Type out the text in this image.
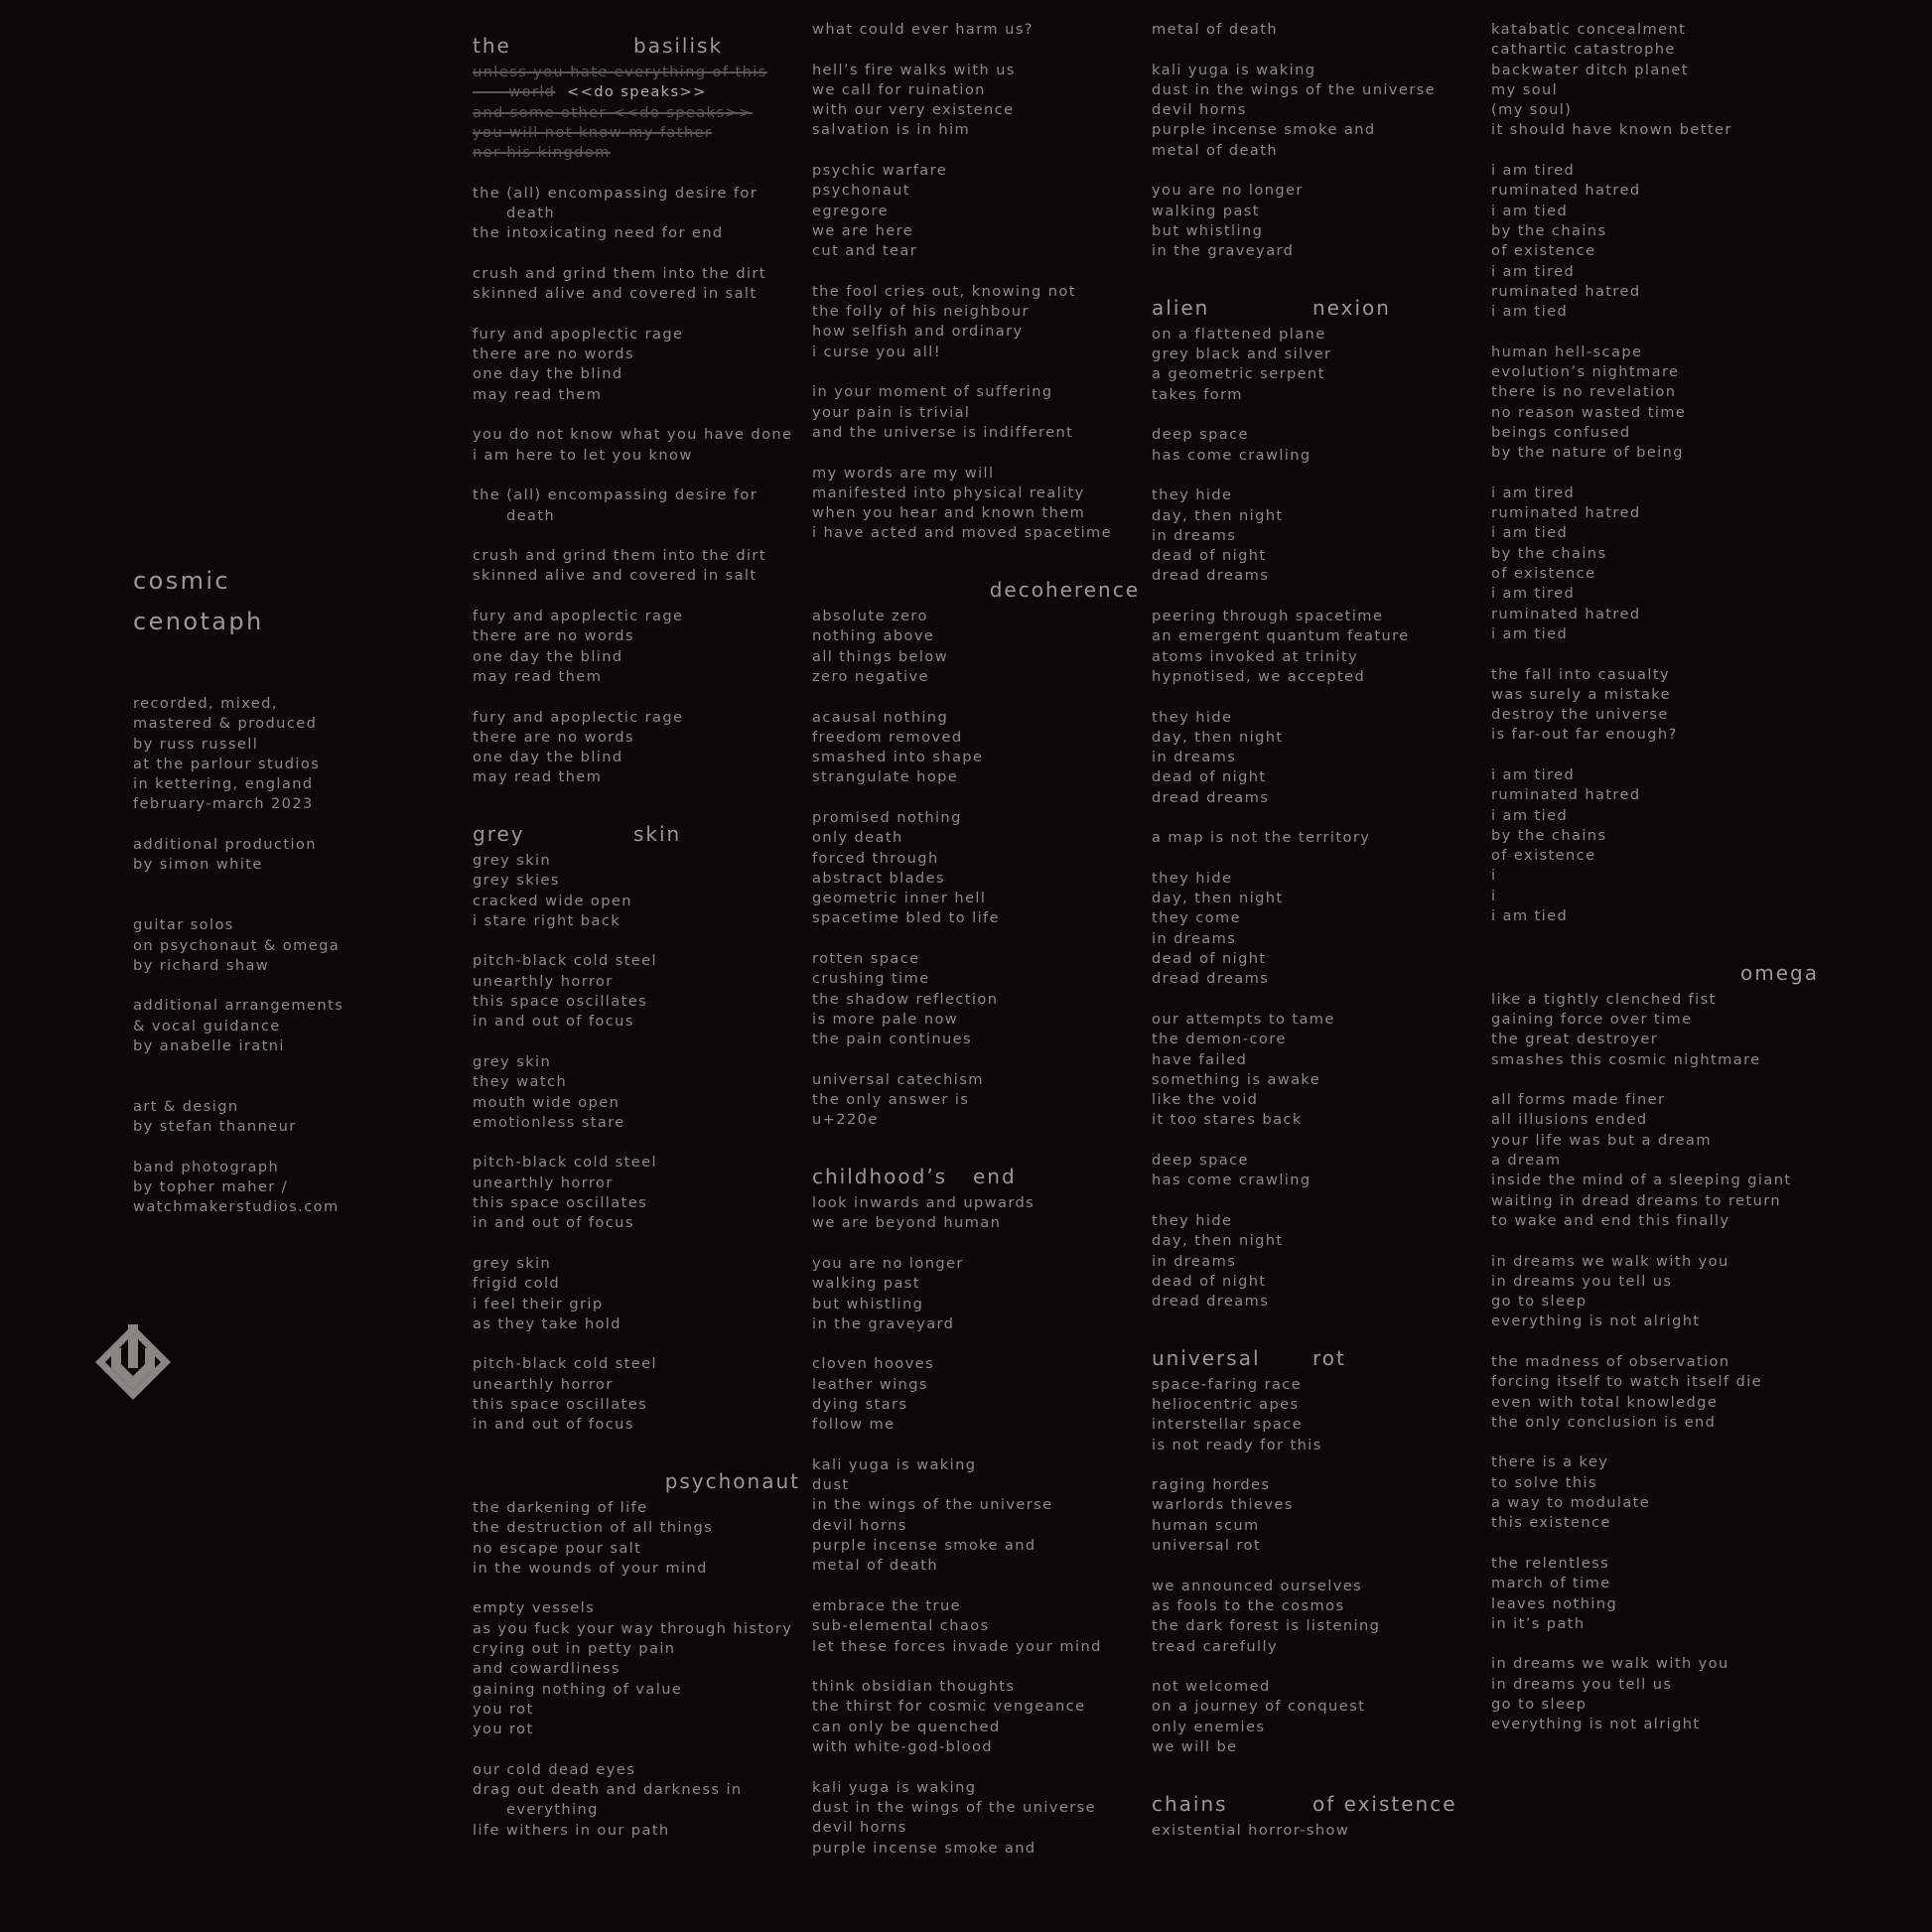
cosmic
cenotaph
recorded, mixed,
mastered & produced
by russ russell
at the parlour studios
in kettering, england
february-march 2023
additional production
by simon white
guitar solos
on psychonaut & omega
by richard shaw
additional arrangements
& vocal guidance
by anabelle iratni
art & design
by stefan thanneur
band photograph
by topher maher /
watchmakerstudios.com
the	basilisk
unless you hate everything of this
world
and some other <<do speaks>>
you will not know my father
nor his kingdom
<<do speaks>>
the (all) encompassing desire for
death
the intoxicating need for end
crush and grind them into the dirt
skinned alive and covered in salt
fury and apoplectic rage
there are no words
one day the blind
may read them
you do not know what you have done
i am here to let you know
the (all) encompassing desire for
death
crush and grind them into the dirt
skinned alive and covered in salt
fury and apoplectic rage
there are no words
one day the blind
may read them
fury and apoplectic rage
there are no words
one day the blind
may read them
grey	skin
grey skin
grey skies
cracked wide open
i stare right back
pitch-black cold steel
unearthly horror
this space oscillates
in and out of focus
grey skin
they watch
mouth wide open
emotionless stare
pitch-black cold steel
unearthly horror
this space oscillates
in and out of focus
grey skin
frigid cold
i feel their grip
as they take hold
pitch-black cold steel
unearthly horror
this space oscillates
in and out of focus
psychonaut
the darkening of life
the destruction of all things
no escape pour salt
in the wounds of your mind
empty vessels
as you fuck your way through history
crying out in petty pain
and cowardliness
gaining nothing of value
you rot
you rot
our cold dead eyes
drag out death and darkness in
everything
life withers in our path
what could ever harm us?
hell’s fire walks with us
we call for ruination
with our very existence
salvation is in him
psychic warfare
psychonaut
egregore
we are here
cut and tear
the fool cries out, knowing not
the folly of his neighbour
how selfish and ordinary
i curse you all!
in your moment of suffering
your pain is trivial
and the universe is indifferent
my words are my will
manifested into physical reality
when you hear and known them
i have acted and moved spacetime
decoherence
absolute zero
nothing above
all things below
zero negative
acausal nothing
freedom removed
smashed into shape
strangulate hope
promised nothing
only death
forced through
abstract blades
geometric inner hell
spacetime bled to life
rotten space
crushing time
the shadow reflection
is more pale now
the pain continues
universal catechism
the only answer is
u+220e
childhood’s	end
look inwards and upwards
we are beyond human
you are no longer
walking past
but whistling
in the graveyard
cloven hooves
leather wings
dying stars
follow me
kali yuga is waking
dust
in the wings of the universe
devil horns
purple incense smoke and
metal of death
embrace the true
sub-elemental chaos
let these forces invade your mind
think obsidian thoughts
the thirst for cosmic vengeance
can only be quenched
with white-god-blood
kali yuga is waking
dust in the wings of the universe
devil horns
purple incense smoke and
metal of death
kali yuga is waking
dust in the wings of the universe
devil horns
purple incense smoke and
metal of death
you are no longer
walking past
but whistling
in the graveyard
alien	nexion
on a flattened plane
grey black and silver
a geometric serpent
takes form
deep space
has come crawling
they hide
day, then night
in dreams
dead of night
dread dreams
peering through spacetime
an emergent quantum feature
atoms invoked at trinity
hypnotised, we accepted
they hide
day, then night
in dreams
dead of night
dread dreams
a map is not the territory
they hide
day, then night
they come
in dreams
dead of night
dread dreams
our attempts to tame
the demon-core
have failed
something is awake
like the void
it too stares back
deep space
has come crawling
they hide
day, then night
in dreams
dead of night
dread dreams
universal	rot
space-faring race
heliocentric apes
interstellar space
is not ready for this
raging hordes
warlords thieves
human scum
universal rot
we announced ourselves
as fools to the cosmos
the dark forest is listening
tread carefully
not welcomed
on a journey of conquest
only enemies
we will be
chains	of existence
existential horror-show
katabatic concealment
cathartic catastrophe
backwater ditch planet
my soul
(my soul)
it should have known better
i am tired
ruminated hatred
i am tied
by the chains
of existence
i am tired
ruminated hatred
i am tied
human hell-scape
evolution’s nightmare
there is no revelation
no reason wasted time
beings confused
by the nature of being
i am tired
ruminated hatred
i am tied
by the chains
of existence
i am tired
ruminated hatred
i am tied
the fall into casualty
was surely a mistake
destroy the universe
is far-out far enough?
i am tired
ruminated hatred
i am tied
by the chains
of existence
i
i
i am tied
omega
like a tightly clenched fist
gaining force over time
the great destroyer
smashes this cosmic nightmare
all forms made finer
all illusions ended
your life was but a dream
a dream
inside the mind of a sleeping giant
waiting in dread dreams to return
to wake and end this finally
in dreams we walk with you
in dreams you tell us
go to sleep
everything is not alright
the madness of observation
forcing itself to watch itself die
even with total knowledge
the only conclusion is end
there is a key
to solve this
a way to modulate
this existence
the relentless
march of time
leaves nothing
in it’s path
in dreams we walk with you
in dreams you tell us
go to sleep
everything is not alright
